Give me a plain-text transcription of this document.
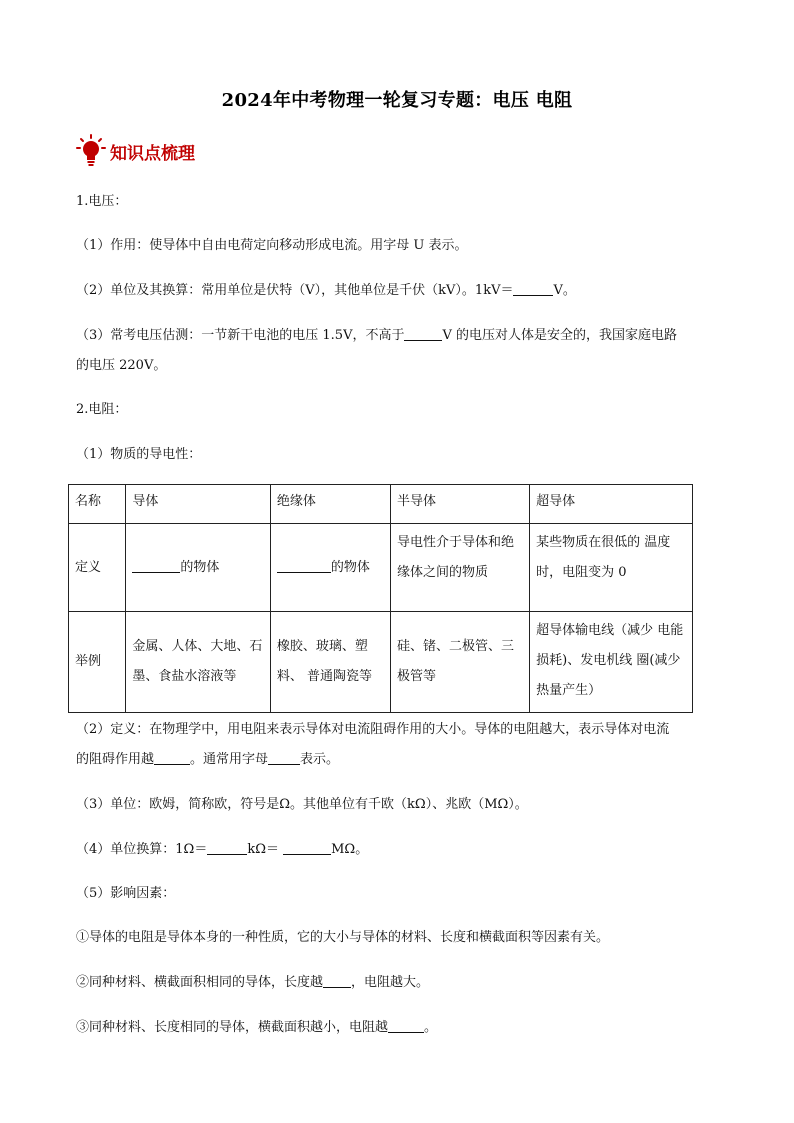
2024年中考物理一轮复习专题：电压 电阻
知识点梳理
1.电压：
（1）作用：使导体中自由电荷定向移动形成电流。用字母 U 表示。
（2）单位及其换算：常用单位是伏特（V），其他单位是千伏（kV）。1kV＝	V。
（3）常考电压估测：一节新干电池的电压 1.5V，不高于	V 的电压对人体是安全的，我国家庭电路
的电压 220V。
2.电阻：
（1）物质的导电性：
名称	导体	绝缘体	半导体	超导体
定义	的物体	的物体	导电性介于导体和绝缘体之间的物质	某些物质在很低的 温度时，电阻变为 0
举例	金属、人体、大地、石墨、食盐水溶液等	橡胶、玻璃、塑料、 普通陶瓷等	硅、锗、二极管、三极管等	超导体输电线（减少 电能损耗)、发电机线 圈(减少热量产生）
（2）定义：在物理学中，用电阻来表示导体对电流阻碍作用的大小。导体的电阻越大，表示导体对电流
的阻碍作用越	。通常用字母 表示。
（3）单位：欧姆，简称欧，符号是Ω。其他单位有千欧（kΩ）、兆欧（MΩ）。
（4）单位换算：1Ω＝	kΩ＝	MΩ。
（5）影响因素：
①导体的电阻是导体本身的一种性质，它的大小与导体的材料、长度和横截面积等因素有关。
②同种材料、横截面积相同的导体，长度越 ，电阻越大。
③同种材料、长度相同的导体，横截面积越小，电阻越	。
